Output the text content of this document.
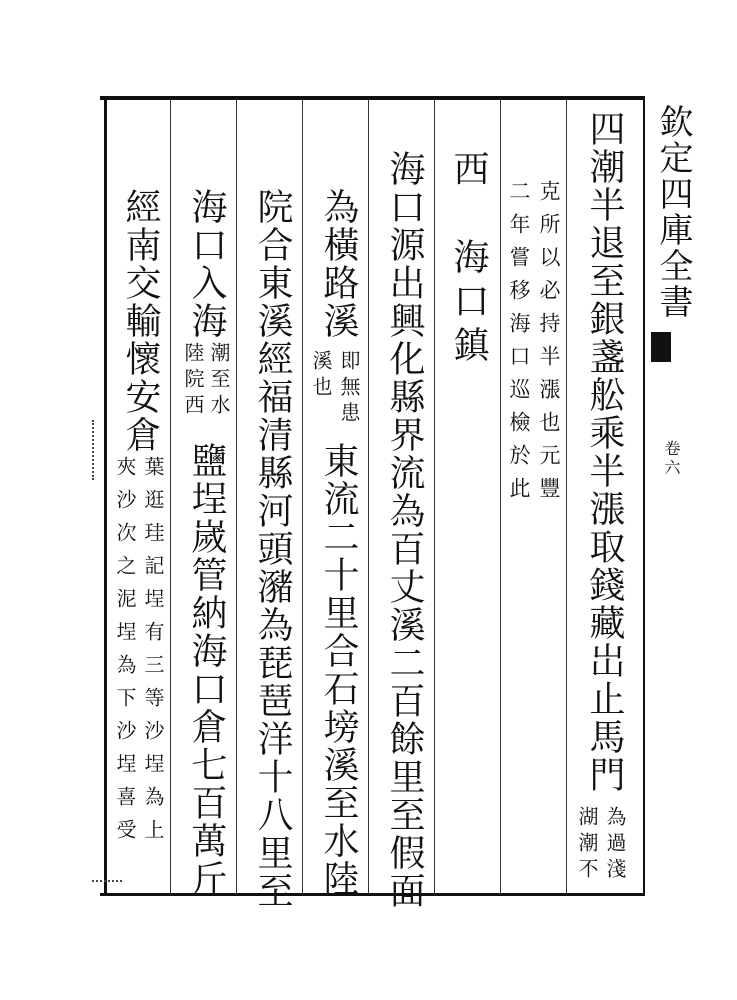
欽定四庫全書
卷六
四潮半退至銀盞舩乘半漲取錢藏岀止馬門
為過淺
湖潮不
克所以必持半漲也元豐
二年嘗移海口巡檢於此
西　海口鎮
海口源出興化縣界流為百丈溪二百餘里至假面
為橫路溪
即無患
溪也
東流二十里合石塝溪至水陸
院合東溪經福清縣河頭瀦為琵琶洋十八里至
海口入海
潮至水
陸院西
鹽埕嵗管納海口倉七百萬斤
經南交輸懷安倉
葉逛珪記埕有三等沙埕為上
夾沙次之泥埕為下沙埕喜受
